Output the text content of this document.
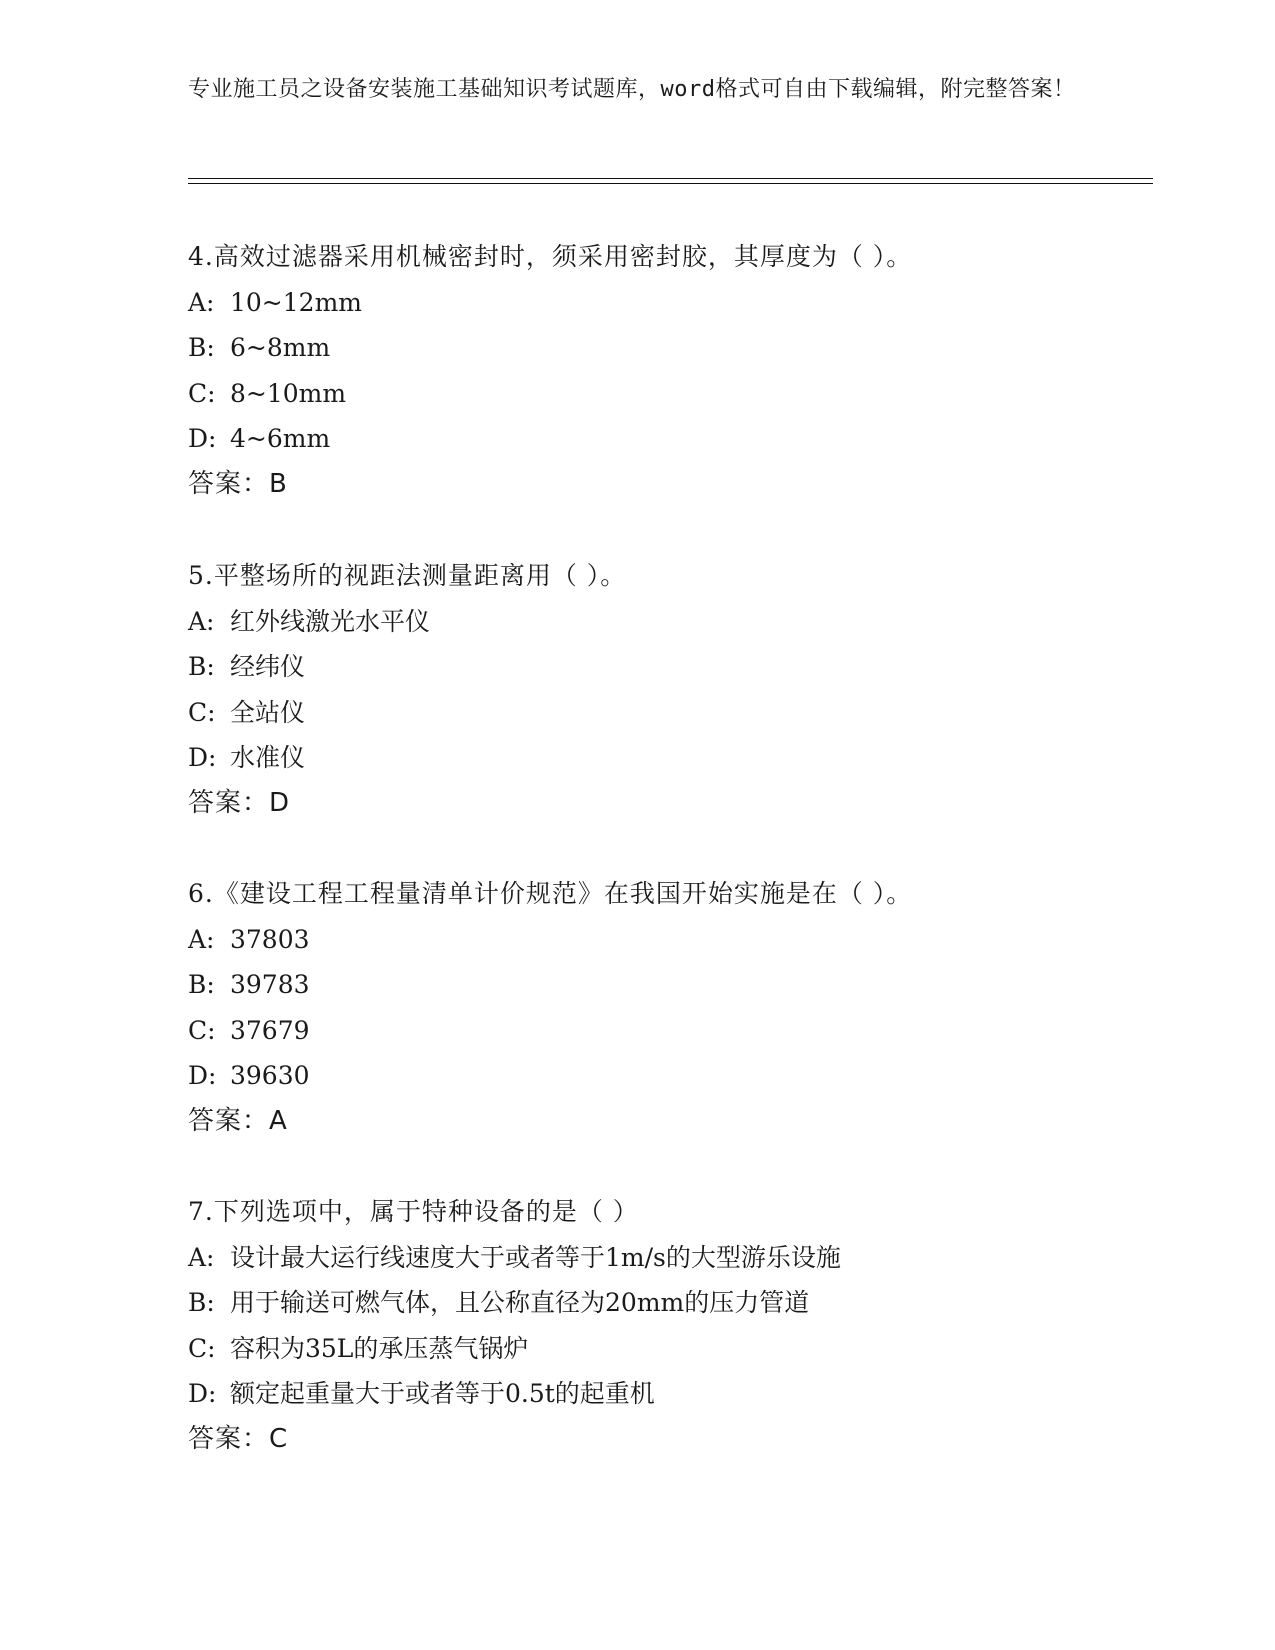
专业施工员之设备安装施工基础知识考试题库，word格式可自由下载编辑，附完整答案！
4.高效过滤器采用机械密封时，须采用密封胶，其厚度为（ ）。
A: 10~12mm
B: 6~8mm
C: 8~10mm
D: 4~6mm
答案：B
5.平整场所的视距法测量距离用（ ）。
A: 红外线激光水平仪
B: 经纬仪
C: 全站仪
D: 水准仪
答案：D
6.《建设工程工程量清单计价规范》在我国开始实施是在（ ）。
A: 37803
B: 39783
C: 37679
D: 39630
答案：A
7.下列选项中，属于特种设备的是（ ）
A: 设计最大运行线速度大于或者等于1m/s的大型游乐设施
B: 用于输送可燃气体，且公称直径为20mm的压力管道
C: 容积为35L的承压蒸气锅炉
D: 额定起重量大于或者等于0.5t的起重机
答案：C
